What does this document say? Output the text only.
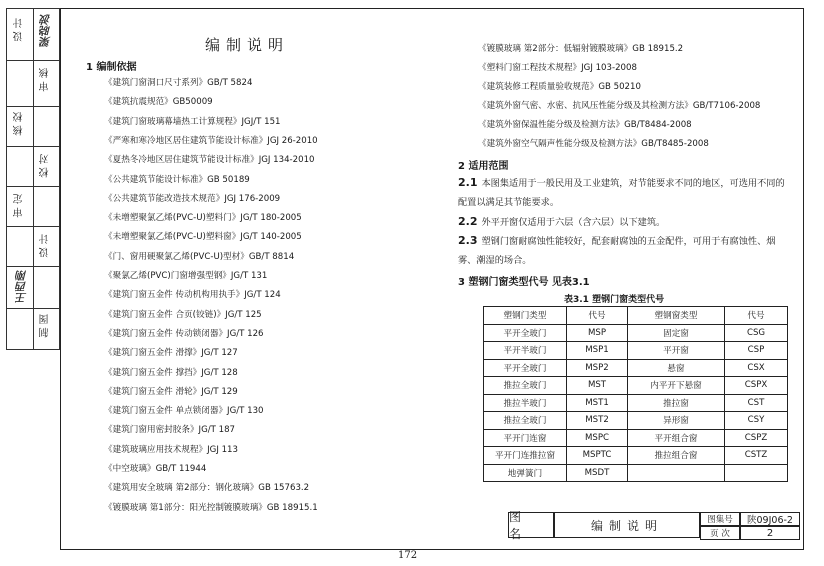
设 计 梁晓波
审 核
核 校
校 对
审 定
设 计
王西刚
制 图
编制说明
1 编制依据
《建筑门窗洞口尺寸系列》GB/T 5824
《建筑抗震规范》GB50009
《建筑门窗玻璃幕墙热工计算规程》JGJ/T 151
《严寒和寒冷地区居住建筑节能设计标准》JGJ 26-2010
《夏热冬冷地区居住建筑节能设计标准》JGJ 134-2010
《公共建筑节能设计标准》GB 50189
《公共建筑节能改造技术规范》JGJ 176-2009
《未增塑聚氯乙烯(PVC-U)塑料门》JG/T 180-2005
《未增塑聚氯乙烯(PVC-U)塑料窗》JG/T 140-2005
《门、窗用硬聚氯乙烯(PVC-U)型材》GB/T 8814
《聚氯乙烯(PVC)门窗增强型钢》JG/T 131
《建筑门窗五金件 传动机构用执手》JG/T 124
《建筑门窗五金件 合页(铰链)》JG/T 125
《建筑门窗五金件 传动锁闭器》JG/T 126
《建筑门窗五金件 滑撑》JG/T 127
《建筑门窗五金件 撑挡》JG/T 128
《建筑门窗五金件 滑轮》JG/T 129
《建筑门窗五金件 单点锁闭器》JG/T 130
《建筑门窗用密封胶条》JG/T 187
《建筑玻璃应用技术规程》JGJ 113
《中空玻璃》GB/T 11944
《建筑用安全玻璃 第2部分：钢化玻璃》GB 15763.2
《镀膜玻璃 第1部分：阳光控制镀膜玻璃》GB 18915.1
《镀膜玻璃 第2部分：低辐射镀膜玻璃》GB 18915.2
《塑料门窗工程技术规程》JGJ 103-2008
《建筑装修工程质量验收规范》GB 50210
《建筑外窗气密、水密、抗风压性能分级及其检测方法》GB/T7106-2008
《建筑外窗保温性能分级及检测方法》GB/T8484-2008
《建筑外窗空气隔声性能分级及检测方法》GB/T8485-2008
2 适用范围
2.1 本图集适用于一般民用及工业建筑，对节能要求不同的地区，可选用不同的配置以满足其节能要求。
2.2 外平开窗仅适用于六层（含六层）以下建筑。
2.3 塑钢门窗耐腐蚀性能较好，配套耐腐蚀的五金配件，可用于有腐蚀性、烟雾、潮湿的场合。
3 塑钢门窗类型代号 见表3.1
表3.1 塑钢门窗类型代号
塑钢门类型	代号	塑钢窗类型	代号
平开全玻门	MSP	固定窗	CSG
平开半玻门	MSP1	平开窗	CSP
平开全玻门	MSP2	悬窗	CSX
推拉全玻门	MST	内平开下悬窗	CSPX
推拉半玻门	MST1	推拉窗	CST
推拉全玻门	MST2	异形窗	CSY
平开门连窗	MSPC	平开组合窗	CSPZ
平开门连推拉窗	MSPTC	推拉组合窗	CSTZ
地弹簧门	MSDT		
图 名
编制说明	图集号	陕09J06-2
页 次	2
172
